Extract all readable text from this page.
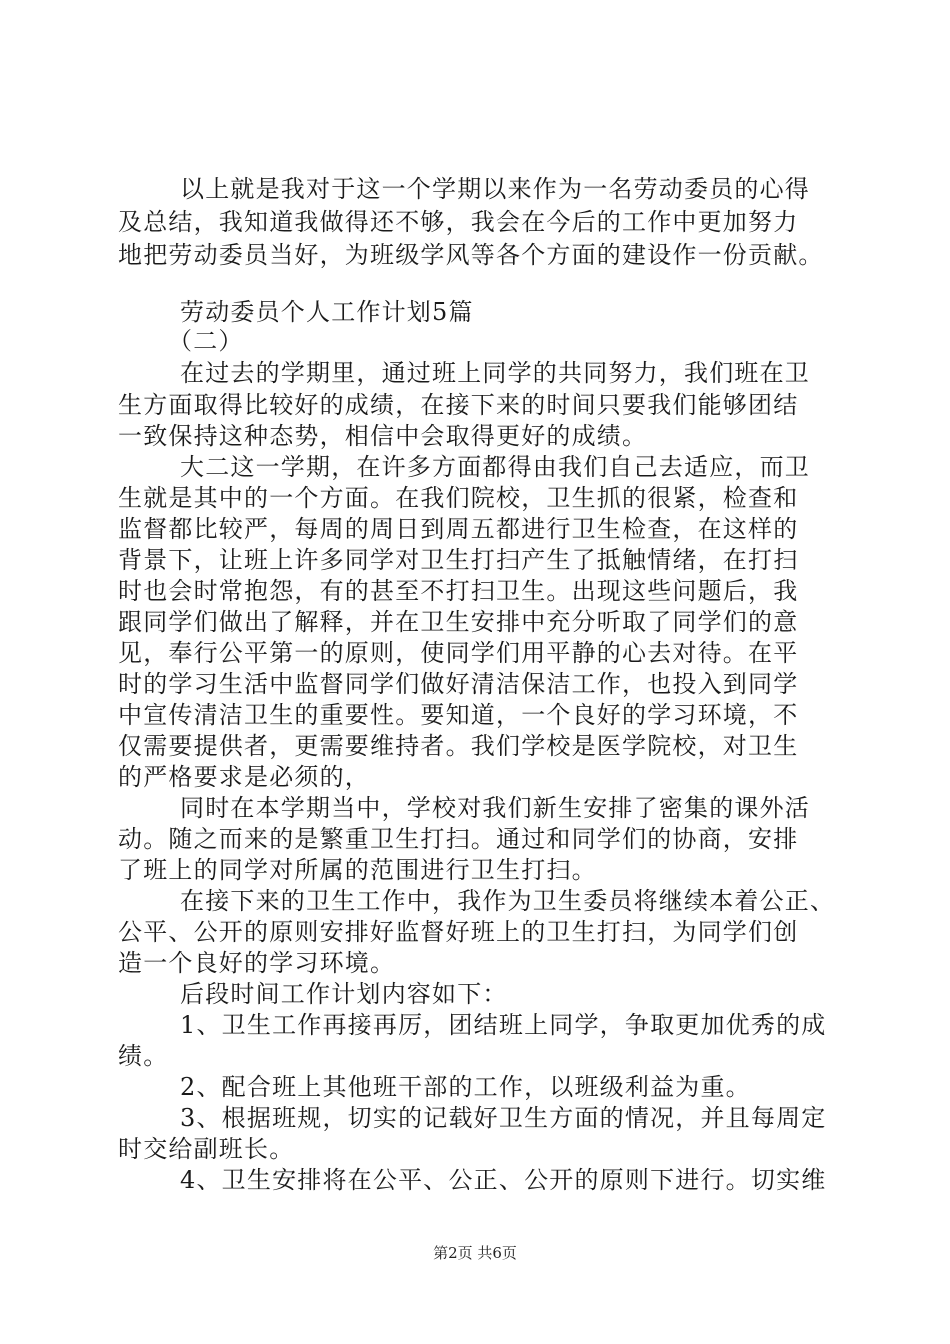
以上就是我对于这一个学期以来作为一名劳动委员的心得
及总结，我知道我做得还不够，我会在今后的工作中更加努力
地把劳动委员当好，为班级学风等各个方面的建设作一份贡献。
劳动委员个人工作计划5篇
（二）
在过去的学期里，通过班上同学的共同努力，我们班在卫
生方面取得比较好的成绩，在接下来的时间只要我们能够团结
一致保持这种态势，相信中会取得更好的成绩。
大二这一学期，在许多方面都得由我们自己去适应，而卫
生就是其中的一个方面。在我们院校，卫生抓的很紧，检查和
监督都比较严，每周的周日到周五都进行卫生检查，在这样的
背景下，让班上许多同学对卫生打扫产生了抵触情绪，在打扫
时也会时常抱怨，有的甚至不打扫卫生。出现这些问题后，我
跟同学们做出了解释，并在卫生安排中充分听取了同学们的意
见，奉行公平第一的原则，使同学们用平静的心去对待。在平
时的学习生活中监督同学们做好清洁保洁工作，也投入到同学
中宣传清洁卫生的重要性。要知道，一个良好的学习环境，不
仅需要提供者，更需要维持者。我们学校是医学院校，对卫生
的严格要求是必须的，
同时在本学期当中，学校对我们新生安排了密集的课外活
动。随之而来的是繁重卫生打扫。通过和同学们的协商，安排
了班上的同学对所属的范围进行卫生打扫。
在接下来的卫生工作中，我作为卫生委员将继续本着公正、
公平、公开的原则安排好监督好班上的卫生打扫，为同学们创
造一个良好的学习环境。
后段时间工作计划内容如下：
1、卫生工作再接再厉，团结班上同学，争取更加优秀的成
绩。
2、配合班上其他班干部的工作，以班级利益为重。
3、根据班规，切实的记载好卫生方面的情况，并且每周定
时交给副班长。
4、卫生安排将在公平、公正、公开的原则下进行。切实维
第2页 共6页
